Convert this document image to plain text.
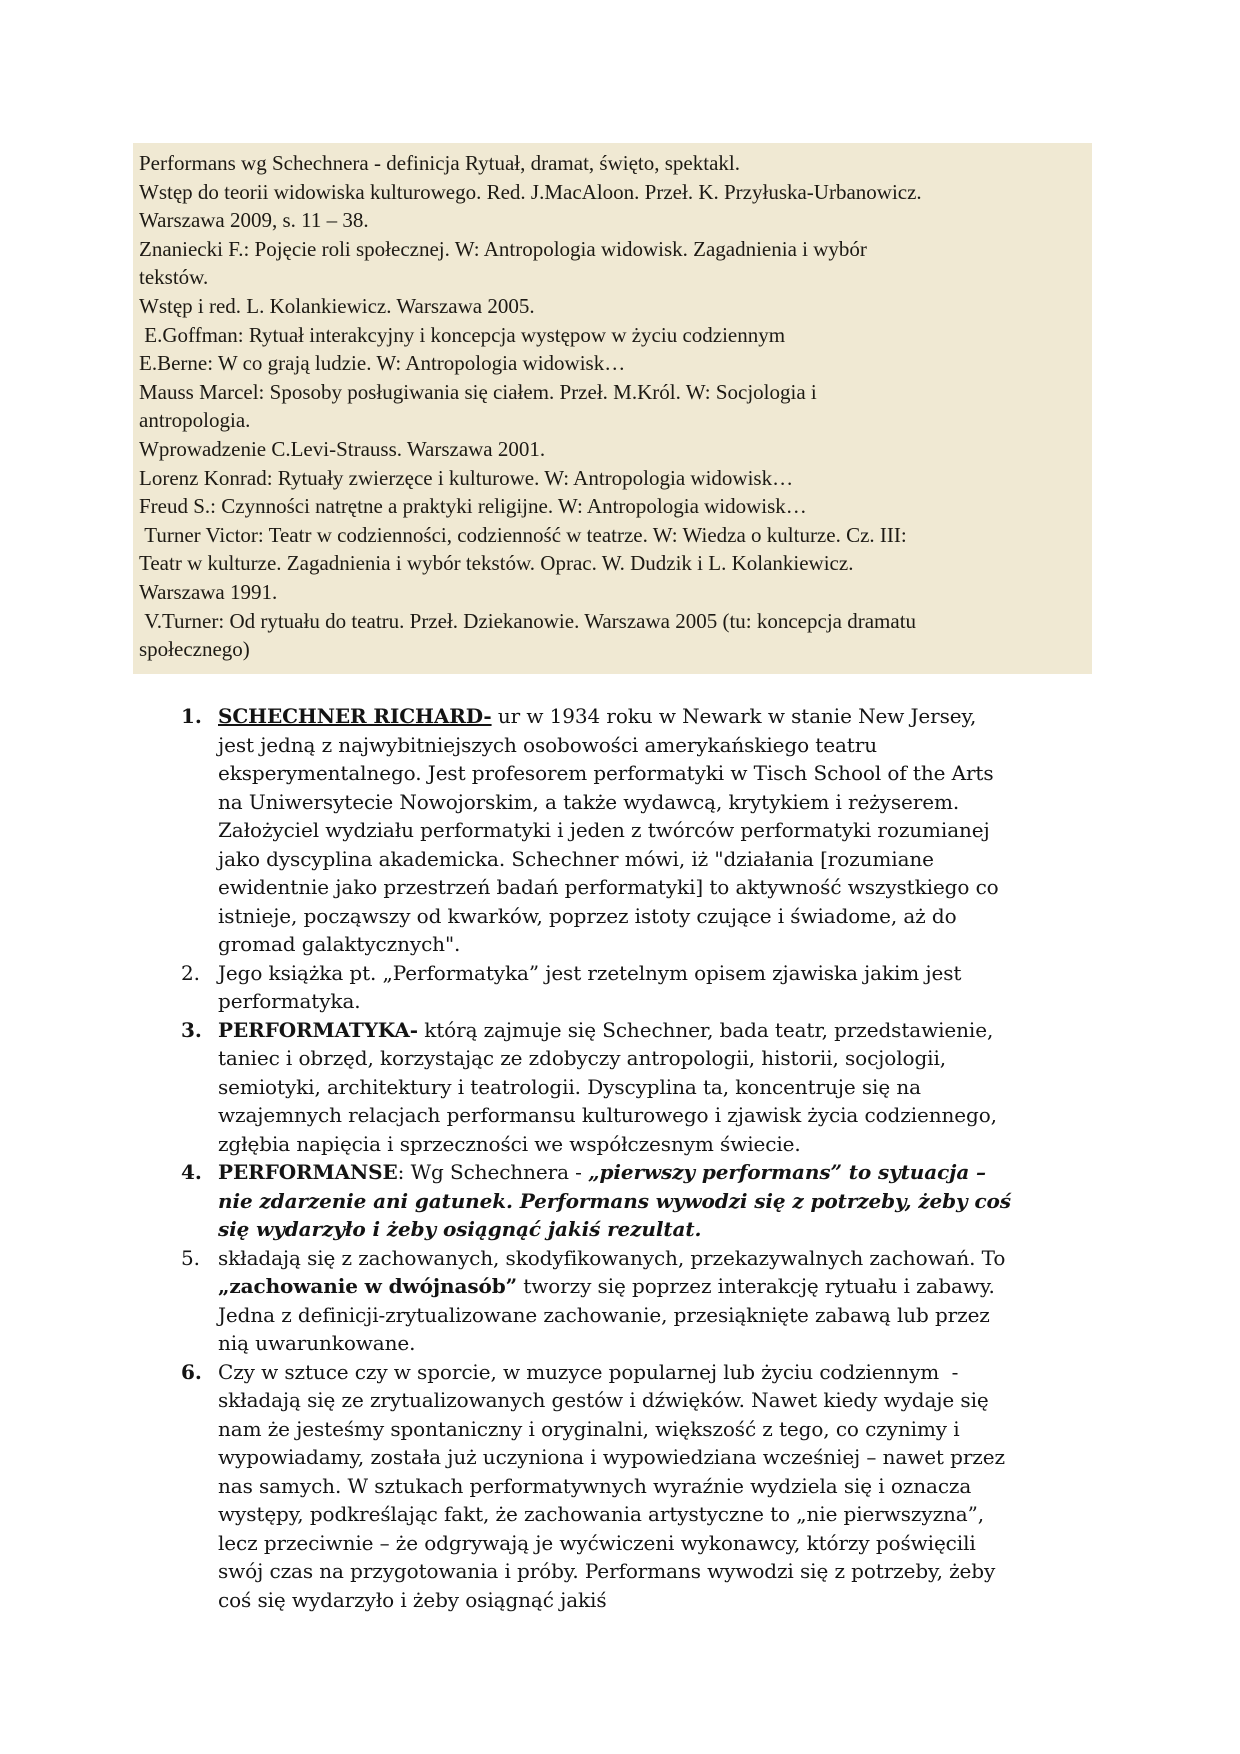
Performans wg Schechnera - definicja Rytuał, dramat, święto, spektakl.

Wstęp do teorii widowiska kulturowego. Red. J.MacAloon. Przeł. K. Przyłuska-Urbanowicz.

Warszawa 2009, s. 11 – 38.

Znaniecki F.: Pojęcie roli społecznej. W: Antropologia widowisk. Zagadnienia i wybór

tekstów.

Wstęp i red. L. Kolankiewicz. Warszawa 2005.

E.Goffman: Rytuał interakcyjny i koncepcja występow w życiu codziennym

E.Berne: W co grają ludzie. W: Antropologia widowisk…

Mauss Marcel: Sposoby posługiwania się ciałem. Przeł. M.Król. W: Socjologia i

antropologia.

Wprowadzenie C.Levi-Strauss. Warszawa 2001.

Lorenz Konrad: Rytuały zwierzęce i kulturowe. W: Antropologia widowisk…

Freud S.: Czynności natrętne a praktyki religijne. W: Antropologia widowisk…

Turner Victor: Teatr w codzienności, codzienność w teatrze. W: Wiedza o kulturze. Cz. III:

Teatr w kulturze. Zagadnienia i wybór tekstów. Oprac. W. Dudzik i L. Kolankiewicz.

Warszawa 1991.

V.Turner: Od rytuału do teatru. Przeł. Dziekanowie. Warszawa 2005 (tu: koncepcja dramatu

społecznego)

1. SCHECHNER RICHARD- ur w 1934 roku w Newark w stanie New Jersey, jest jedną z najwybitniejszych osobowości amerykańskiego teatru eksperymentalnego. Jest profesorem performatyki w Tisch School of the Arts na Uniwersytecie Nowojorskim, a także wydawcą, krytykiem i reżyserem. Założyciel wydziału performatyki i jeden z twórców performatyki rozumianej jako dyscyplina akademicka. Schechner mówi, iż "działania [rozumiane ewidentnie jako przestrzeń badań performatyki] to aktywność wszystkiego co istnieje, począwszy od kwarków, poprzez istoty czujące i świadome, aż do gromad galaktycznych".
2. Jego książka pt. „Performatyka” jest rzetelnym opisem zjawiska jakim jest performatyka.
3. PERFORMATYKA- którą zajmuje się Schechner, bada teatr, przedstawienie, taniec i obrzęd, korzystając ze zdobyczy antropologii, historii, socjologii, semiotyki, architektury i teatrologii. Dyscyplina ta, koncentruje się na wzajemnych relacjach performansu kulturowego i zjawisk życia codziennego, zgłębia napięcia i sprzeczności we współczesnym świecie.
4. PERFORMANSE: Wg Schechnera - „pierwszy performans” to sytuacja – nie zdarzenie ani gatunek. Performans wywodzi się z potrzeby, żeby coś się wydarzyło i żeby osiągnąć jakiś rezultat.
5. składają się z zachowanych, skodyfikowanych, przekazywalnych zachowań. To „zachowanie w dwójnasób” tworzy się poprzez interakcję rytuału i zabawy. Jedna z definicji-zrytualizowane zachowanie, przesiąknięte zabawą lub przez nią uwarunkowane.
6. Czy w sztuce czy w sporcie, w muzyce popularnej lub życiu codziennym  - składają się ze zrytualizowanych gestów i dźwięków. Nawet kiedy wydaje się nam że jesteśmy spontaniczny i oryginalni, większość z tego, co czynimy i wypowiadamy, została już uczyniona i wypowiedziana wcześniej – nawet przez nas samych. W sztukach performatywnych wyraźnie wydziela się i oznacza występy, podkreślając fakt, że zachowania artystyczne to „nie pierwszyzna”, lecz przeciwnie – że odgrywają je wyćwiczeni wykonawcy, którzy poświęcili swój czas na przygotowania i próby. Performans wywodzi się z potrzeby, żeby coś się wydarzyło i żeby osiągnąć jakiś
